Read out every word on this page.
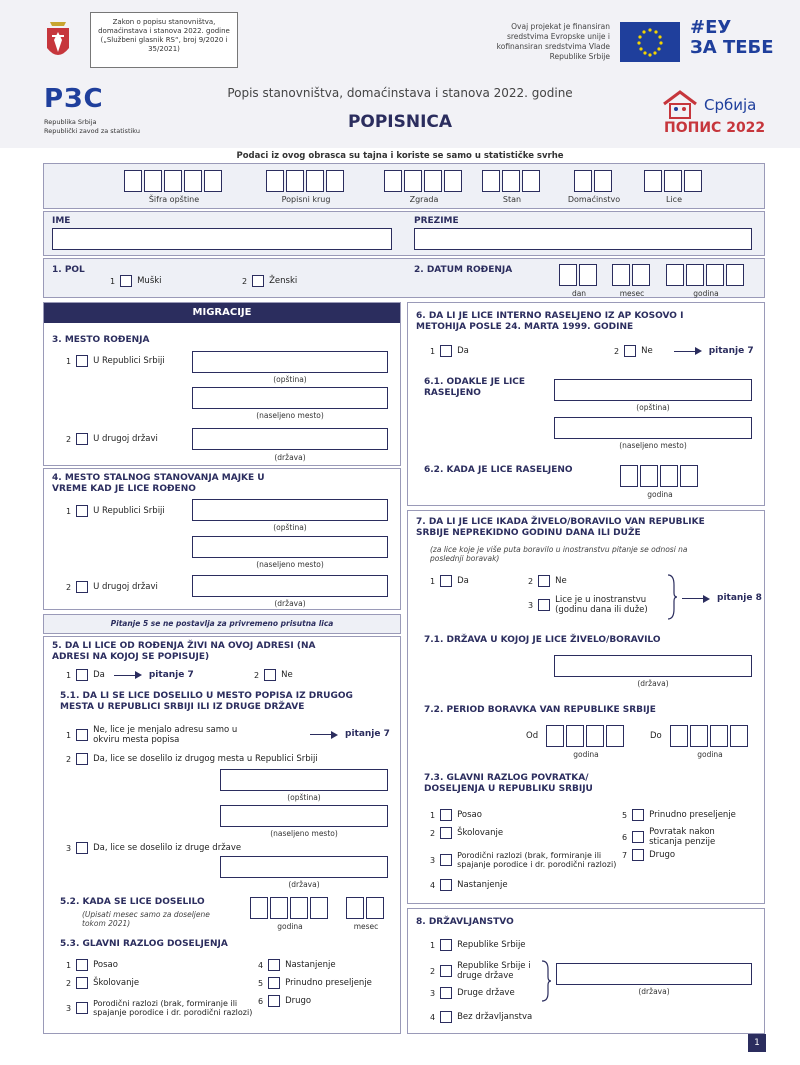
Zakon o popisu stanovništva, domaćinstava i stanova 2022. godine („Službeni glasnik RS“, broj 9/2020 i 35/2021)
Ovaj projekat je finansiran sredstvima Evropske unije i kofinansiran sredstvima Vlade Republike Srbije
#ЕУ
ЗА ТЕБЕ
РЗС
Republika Srbija
Republički zavod za statistiku
Popis stanovništva, domaćinstava i stanova 2022. godine
POPISNICA
Србија
ПОПИС 2022
Podaci iz ovog obrasca su tajna i koriste se samo u statističke svrhe
Šifra opštine	Popisni krug	Zgrada	Stan	Domaćinstvo	Lice
IME	PREZIME
1. POL
1	Muški	2	Ženski
2. DATUM ROĐENJA
dan	mesec	godina
MIGRACIJE
3. MESTO ROĐENJA
1	U Republici Srbiji
(opština)
(naseljeno mesto)
2	U drugoj državi
(država)
4. MESTO STALNOG STANOVANJA MAJKE U VREME KAD JE LICE ROĐENO
1	U Republici Srbiji
(opština)
(naseljeno mesto)
2	U drugoj državi
(država)
Pitanje 5 se ne postavlja za privremeno prisutna lica
5. DA LI LICE OD ROĐENJA ŽIVI NA OVOJ ADRESI (NA ADRESI NA KOJOJ SE POPISUJE)
1	Da	pitanje 7	2	Ne
5.1. DA LI SE LICE DOSELILO U MESTO POPISA IZ DRUGOG MESTA U REPUBLICI SRBIJI ILI IZ DRUGE DRŽAVE
1	Ne, lice je menjalo adresu samo u okviru mesta popisa
pitanje 7
2	Da, lice se doselilo iz drugog mesta u Republici Srbiji
(opština)
(naseljeno mesto)
3	Da, lice se doselilo iz druge države
(država)
5.2. KADA SE LICE DOSELILO
(Upisati mesec samo za doseljene tokom 2021)	godina	mesec
5.3. GLAVNI RAZLOG DOSELJENJA
1	Posao
2	Školovanje
3	Porodični razlozi (brak, formiranje ili spajanje porodice i dr. porodični razlozi)
4	Nastanjenje
5	Prinudno preseljenje
6	Drugo
6. DA LI JE LICE INTERNO RASELJENO IZ AP KOSOVO I METOHIJA POSLE 24. MARTA 1999. GODINE
1	Da	2	Ne	pitanje 7
6.1. ODAKLE JE LICE RASELJENO
(opština)
(naseljeno mesto)
6.2. KADA JE LICE RASELJENO
godina
7. DA LI JE LICE IKADA ŽIVELO/BORAVILO VAN REPUBLIKE SRBIJE NEPREKIDNO GODINU DANA ILI DUŽE
(za lice koje je više puta boravilo u inostranstvu pitanje se odnosi na poslednji boravak)
1	Da	2	Ne
3	Lice je u inostranstvu (godinu dana ili duže)
pitanje 8
7.1. DRŽAVA U KOJOJ JE LICE ŽIVELO/BORAVILO
(država)
7.2. PERIOD BORAVKA VAN REPUBLIKE SRBIJE
Od
godina
Do
godina
7.3. GLAVNI RAZLOG POVRATKA/ DOSELJENJA U REPUBLIKU SRBIJU
1	Posao
2	Školovanje
3	Porodični razlozi (brak, formiranje ili spajanje porodice i dr. porodični razlozi)
4	Nastanjenje
5	Prinudno preseljenje
6	Povratak nakon sticanja penzije
7	Drugo
8. DRŽAVLJANSTVO
1	Republike Srbije
2	Republike Srbije i druge države
3	Druge države	(država)
4	Bez državljanstva
1
